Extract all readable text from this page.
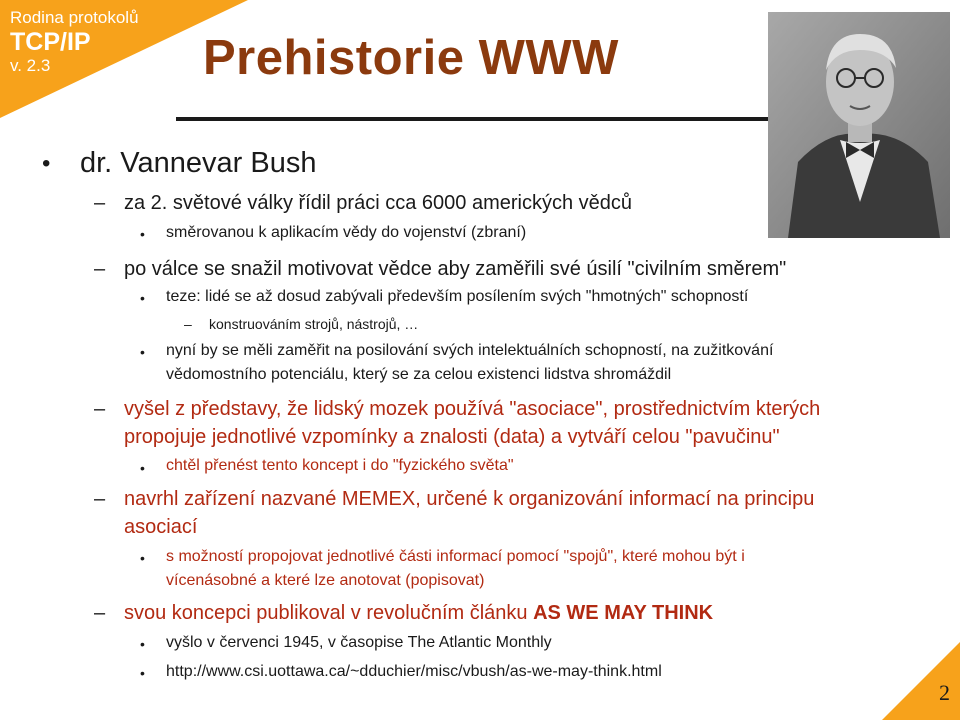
Rodina protokolů
TCP/IP
v. 2.3	Prehistorie WWW
• dr. Vannevar Bush
– za 2. světové války řídil práci cca 6000 amerických vědců
• směrovanou k aplikacím vědy do vojenství (zbraní)
– po válce se snažil motivovat vědce aby zaměřili své úsilí "civilním směrem"
• teze: lidé se až dosud zabývali především posílením svých "hmotných" schopností
– konstruováním strojů, nástrojů, …
• nyní by se měli zaměřit na posilování svých intelektuálních schopností, na zužitkování
vědomostního potenciálu, který se za celou existenci lidstva shromáždil
– vyšel z představy, že lidský mozek používá "asociace", prostřednictvím kterých
propojuje jednotlivé vzpomínky a znalosti (data) a vytváří celou "pavučinu"
• chtěl přenést tento koncept i do "fyzického světa"
– navrhl zařízení nazvané MEMEX, určené k organizování informací na principu
asociací
• s možností propojovat jednotlivé části informací pomocí "spojů", které mohou být i
vícenásobné a které lze anotovat (popisovat)
– svou koncepci publikoval v revolučním článku AS WE MAY THINK
• vyšlo v červenci 1945, v časopise The Atlantic Monthly
• http://www.csi.uottawa.ca/~dduchier/misc/vbush/as-we-may-think.html
2
